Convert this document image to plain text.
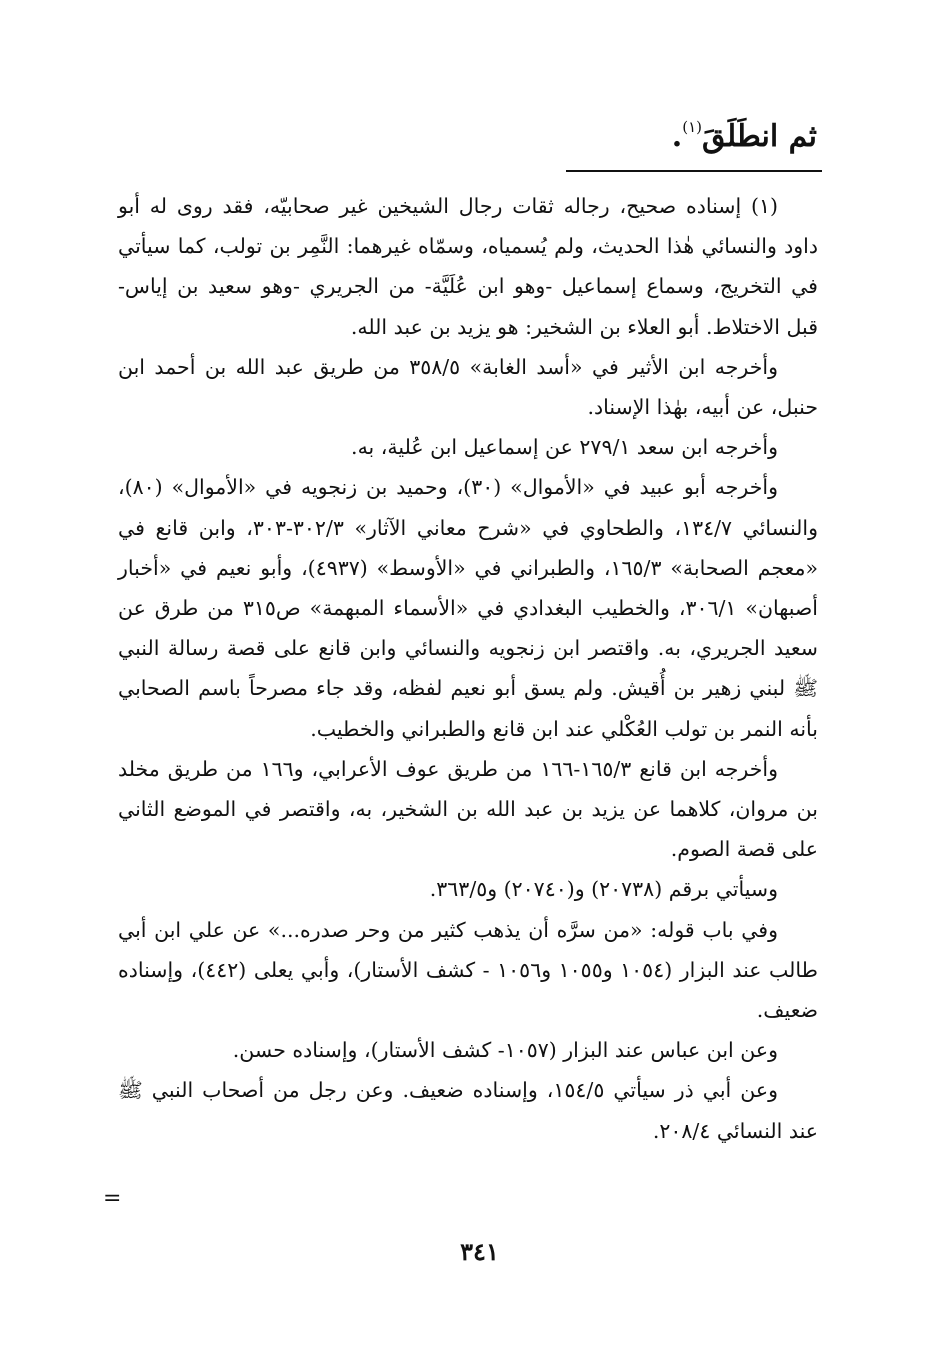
ثم انطَلَقَ$^{(١)}$.

(١) إسناده صحيح، رجاله ثقات رجال الشيخين غير صحابيّه، فقد روى له أبو داود والنسائي هٰذا الحديث، ولم يُسمياه، وسمّاه غيرهما: النَّمِر بن تولب، كما سيأتي في التخريج، وسماع إسماعيل -وهو ابن عُلَيَّة- من الجريري -وهو سعيد بن إياس- قبل الاختلاط. أبو العلاء بن الشخير: هو يزيد بن عبد الله.

وأخرجه ابن الأثير في «أسد الغابة» ٣٥٨/٥ من طريق عبد الله بن أحمد ابن حنبل، عن أبيه، بهٰذا الإسناد.

وأخرجه ابن سعد ٢٧٩/١ عن إسماعيل ابن عُلية، به.

وأخرجه أبو عبيد في «الأموال» (٣٠)، وحميد بن زنجويه في «الأموال» (٨٠)، والنسائي ١٣٤/٧، والطحاوي في «شرح معاني الآثار» ٣٠٢/٣-٣٠٣، وابن قانع في «معجم الصحابة» ١٦٥/٣، والطبراني في «الأوسط» (٤٩٣٧)، وأبو نعيم في «أخبار أصبهان» ٣٠٦/١، والخطيب البغدادي في «الأسماء المبهمة» ص٣١٥ من طرق عن سعيد الجريري، به. واقتصر ابن زنجويه والنسائي وابن قانع على قصة رسالة النبي ﷺ لبني زهير بن أُقيش. ولم يسق أبو نعيم لفظه، وقد جاء مصرحاً باسم الصحابي بأنه النمر بن تولب العُكْلي عند ابن قانع والطبراني والخطيب.

وأخرجه ابن قانع ١٦٥/٣-١٦٦ من طريق عوف الأعرابي، و١٦٦ من طريق مخلد بن مروان، كلاهما عن يزيد بن عبد الله بن الشخير، به، واقتصر في الموضع الثاني على قصة الصوم.

وسيأتي برقم (٢٠٧٣٨) و(٢٠٧٤٠) و٣٦٣/٥.

وفي باب قوله: «من سرَّه أن يذهب كثير من وحر صدره...» عن علي ابن أبي طالب عند البزار (١٠٥٤ و١٠٥٥ و١٠٥٦ - كشف الأستار)، وأبي يعلى (٤٤٢)، وإسناده ضعيف.

وعن ابن عباس عند البزار (١٠٥٧- كشف الأستار)، وإسناده حسن.

وعن أبي ذر سيأتي ١٥٤/٥، وإسناده ضعيف. وعن رجل من أصحاب النبي ﷺ عند النسائي ٢٠٨/٤.

=
٣٤١
